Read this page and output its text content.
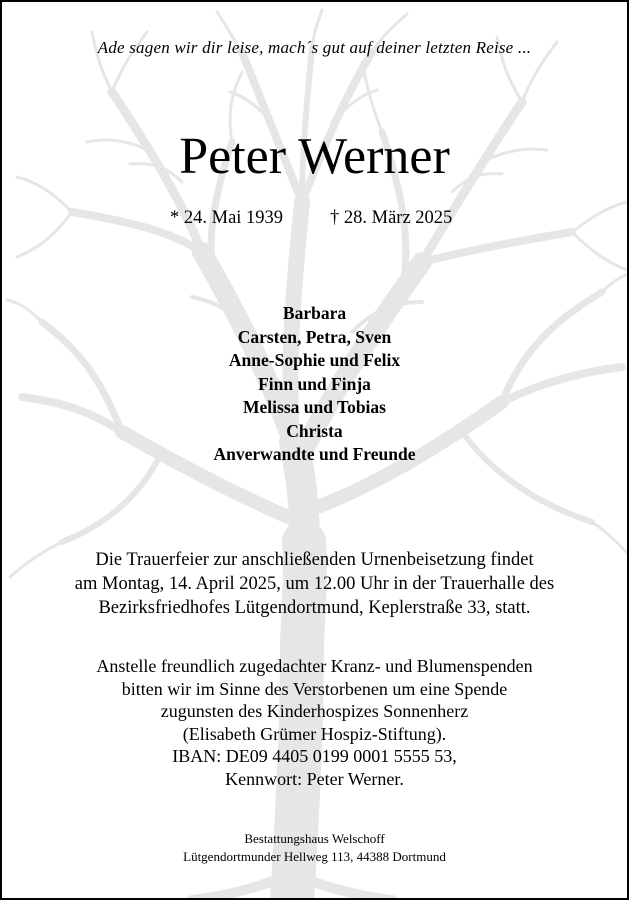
Ade sagen wir dir leise, mach´s gut auf deiner letzten Reise ...
Peter Werner
* 24. Mai 1939	† 28. März 2025
Barbara
Carsten, Petra, Sven
Anne-Sophie und Felix
Finn und Finja
Melissa und Tobias
Christa
Anverwandte und Freunde
Die Trauerfeier zur anschließenden Urnenbeisetzung findet
am Montag, 14. April 2025, um 12.00 Uhr in der Trauerhalle des
Bezirksfriedhofes Lütgendortmund, Keplerstraße 33, statt.
Anstelle freundlich zugedachter Kranz- und Blumenspenden
bitten wir im Sinne des Verstorbenen um eine Spende
zugunsten des Kinderhospizes Sonnenherz
(Elisabeth Grümer Hospiz-Stiftung).
IBAN: DE09 4405 0199 0001 5555 53,
Kennwort: Peter Werner.
Bestattungshaus Welschoff
Lütgendortmunder Hellweg 113, 44388 Dortmund
